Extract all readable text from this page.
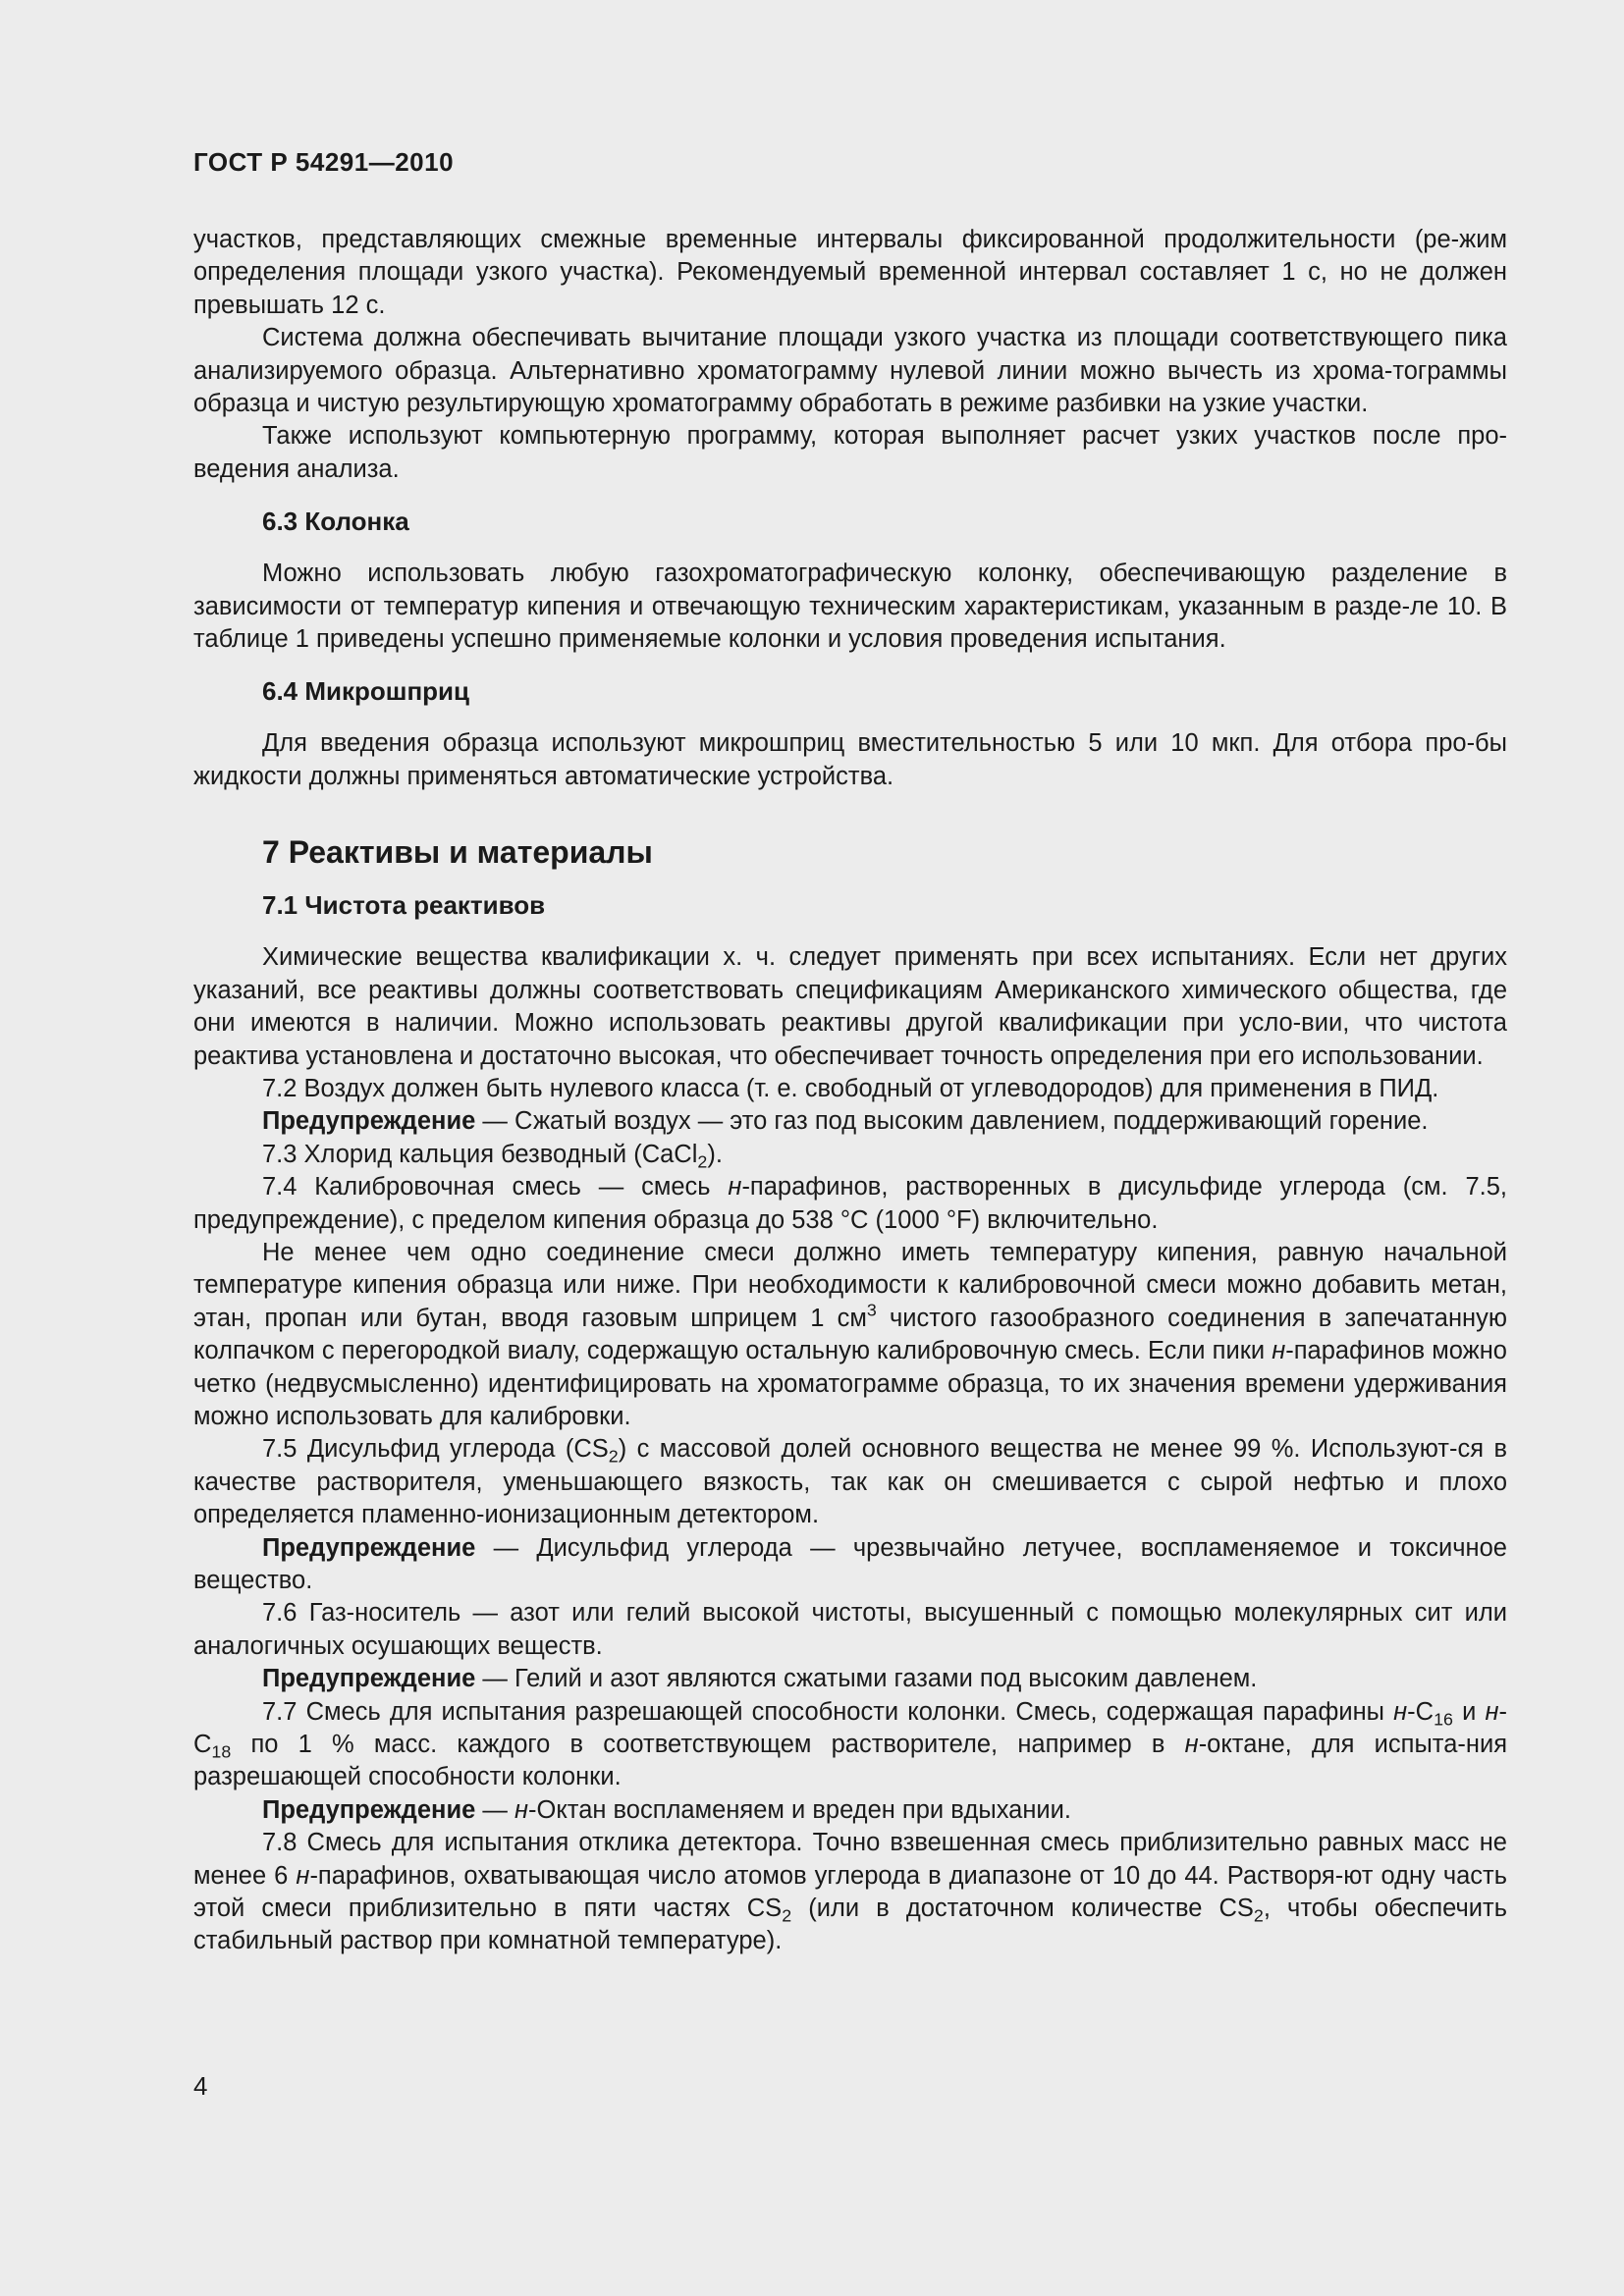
ГОСТ Р 54291—2010

участков, представляющих смежные временные интервалы фиксированной продолжительности (ре-жим определения площади узкого участка). Рекомендуемый временной интервал составляет 1 с, но не должен превышать 12 с.

Система должна обеспечивать вычитание площади узкого участка из площади соответствующего пика анализируемого образца. Альтернативно хроматограмму нулевой линии можно вычесть из хрома-тограммы образца и чистую результирующую хроматограмму обработать в режиме разбивки на узкие участки.

Также используют компьютерную программу, которая выполняет расчет узких участков после про-ведения анализа.

6.3 Колонка

Можно использовать любую газохроматографическую колонку, обеспечивающую разделение в зависимости от температур кипения и отвечающую техническим характеристикам, указанным в разде-ле 10. В таблице 1 приведены успешно применяемые колонки и условия проведения испытания.

6.4 Микрошприц

Для введения образца используют микрошприц вместительностью 5 или 10 мкп. Для отбора про-бы жидкости должны применяться автоматические устройства.

7 Реактивы и материалы
7.1 Чистота реактивов

Химические вещества квалификации х. ч. следует применять при всех испытаниях. Если нет других указаний, все реактивы должны соответствовать спецификациям Американского химического общества, где они имеются в наличии. Можно использовать реактивы другой квалификации при усло-вии, что чистота реактива установлена и достаточно высокая, что обеспечивает точность определения при его использовании.

7.2 Воздух должен быть нулевого класса (т. е. свободный от углеводородов) для применения в ПИД.

Предупреждение — Сжатый воздух — это газ под высоким давлением, поддерживающий горение.

7.3 Хлорид кальция безводный (CaCl$_2$).

7.4 Калибровочная смесь — смесь н-парафинов, растворенных в дисульфиде углерода (см. 7.5, предупреждение), с пределом кипения образца до 538 °C (1000 °F) включительно.

Не менее чем одно соединение смеси должно иметь температуру кипения, равную начальной температуре кипения образца или ниже. При необходимости к калибровочной смеси можно добавить метан, этан, пропан или бутан, вводя газовым шприцем 1 $см^3$ чистого газообразного соединения в запечатанную колпачком с перегородкой виалу, содержащую остальную калибровочную смесь. Если пики н-парафинов можно четко (недвусмысленно) идентифицировать на хроматограмме образца, то их значения времени удерживания можно использовать для калибровки.

7.5 Дисульфид углерода $(CS_2)$ с массовой долей основного вещества не менее 99 %. Используют-ся в качестве растворителя, уменьшающего вязкость, так как он смешивается с сырой нефтью и плохо определяется пламенно-ионизационным детектором.

Предупреждение — Дисульфид углерода — чрезвычайно летучее, воспламеняемое и токсичное вещество.

7.6 Газ-носитель — азот или гелий высокой чистоты, высушенный с помощью молекулярных сит или аналогичных осушающих веществ.

Предупреждение — Гелий и азот являются сжатыми газами под высоким давленем.

7.7 Смесь для испытания разрешающей способности колонки. Смесь, содержащая парафины $н-C_{16}$ и $н-C_{18}$ по 1 % масс. каждого в соответствующем растворителе, например в н-октане, для испыта-ния разрешающей способности колонки.

Предупреждение — н-Октан воспламеняем и вреден при вдыхании.

7.8 Смесь для испытания отклика детектора. Точно взвешенная смесь приблизительно равных масс не менее 6 н-парафинов, охватывающая число атомов углерода в диапазоне от 10 до 44. Растворя-ют одну часть этой смеси приблизительно в пяти частях $CS_2$ (или в достаточном количестве $CS_2$, чтобы обеспечить стабильный раствор при комнатной температуре).

4
